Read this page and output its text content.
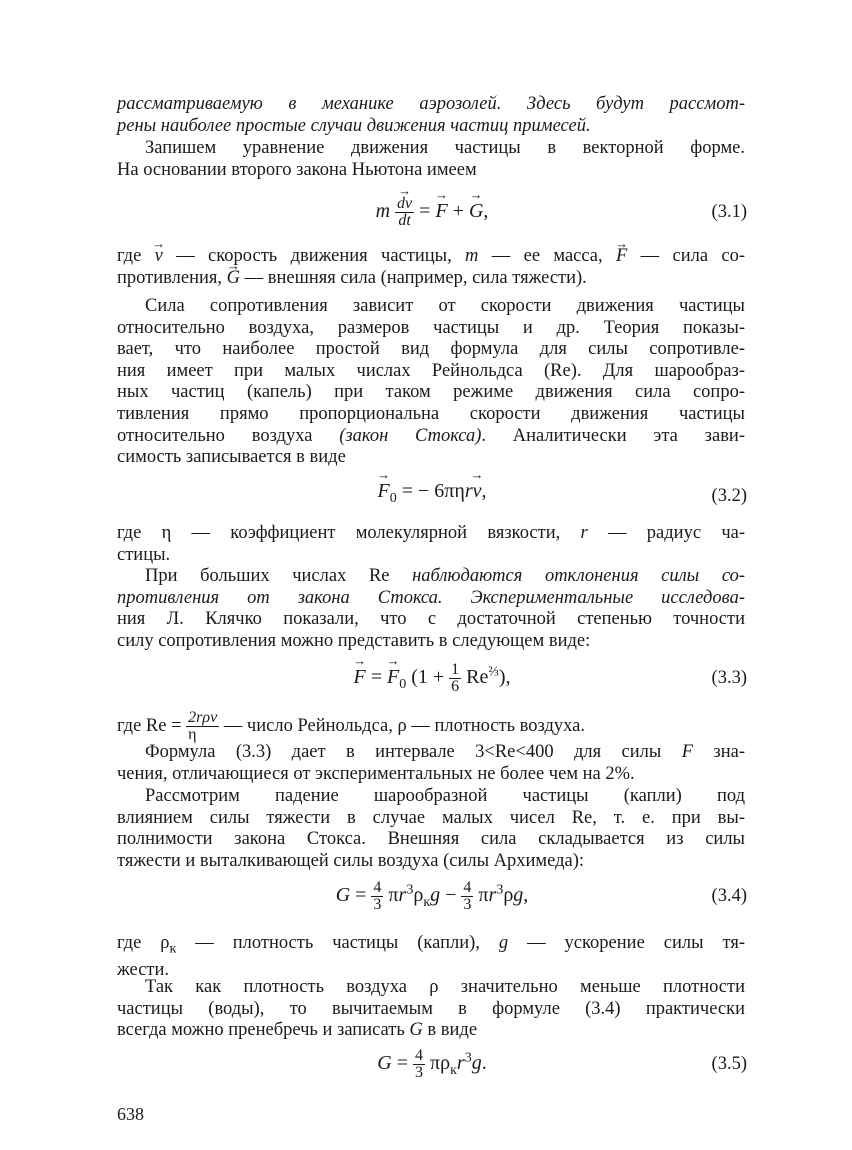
рассматриваемую в механике аэрозолей. Здесь будут рассмот-
рены наиболее простые случаи движения частиц примесей.
Запишем уравнение движения частицы в векторной форме.
На основании второго закона Ньютона имеем
m
→ $\frac{dv}{dt}$ = → F + → G,	(3.1)
где → v — скорость движения частицы, m — ее масса, → F — сила со-
противления, → G — внешняя сила (например, сила тяжести).
Сила сопротивления зависит от скорости движения частицы
относительно воздуха, размеров частицы и др. Теория показы-
вает, что наиболее простой вид формула для силы сопротивле-
ния имеет при малых числах Рейнольдса (Re). Для шарообраз-
ных частиц (капель) при таком режиме движения сила сопро-
тивления прямо пропорциональна скорости движения частицы
относительно воздуха (закон Стокса). Аналитически эта зави-
симость записывается в виде
→ $F_0$ = − 6πηr→ v,	(3.2)
где η — коэффициент молекулярной вязкости, r — радиус ча-
стицы.
При больших числах Re наблюдаются отклонения силы со-
противления от закона Стокса. Экспериментальные исследова-
ния Л. Клячко показали, что с достаточной степенью точности
силу сопротивления можно представить в следующем виде:
→ F = → $F_0$ $(1 + \frac{1}{6} Re^{\frac{2}{3}})$,	(3.3)
где $Re = \frac{\text{2rρv}}{\eta}$ — число Рейнольдса, ρ — плотность воздуха.
Формула (3.3) дает в интервале 3<Re<400 для силы F зна-
чения, отличающиеся от экспериментальных не более чем на 2%.
Рассмотрим падение шарообразной частицы (капли) под
влиянием силы тяжести в случае малых чисел Re, т. е. при вы-
полнимости закона Стокса. Внешняя сила складывается из силы
тяжести и выталкивающей силы воздуха (силы Архимеда):
$G = \frac{4}{3} \pi r^3\rho_кg - \frac{4}{3} \pi r^3\rho g$,	(3.4)
где $\rho_к$ — плотность частицы (капли), g — ускорение силы тя-
жести.
Так как плотность воздуха ρ значительно меньше плотности
частицы (воды), то вычитаемым в формуле (3.4) практически
всегда можно пренебречь и записать G в виде
$G = \frac{4}{3} \pi\rho_кr^3g$.	(3.5)
638
